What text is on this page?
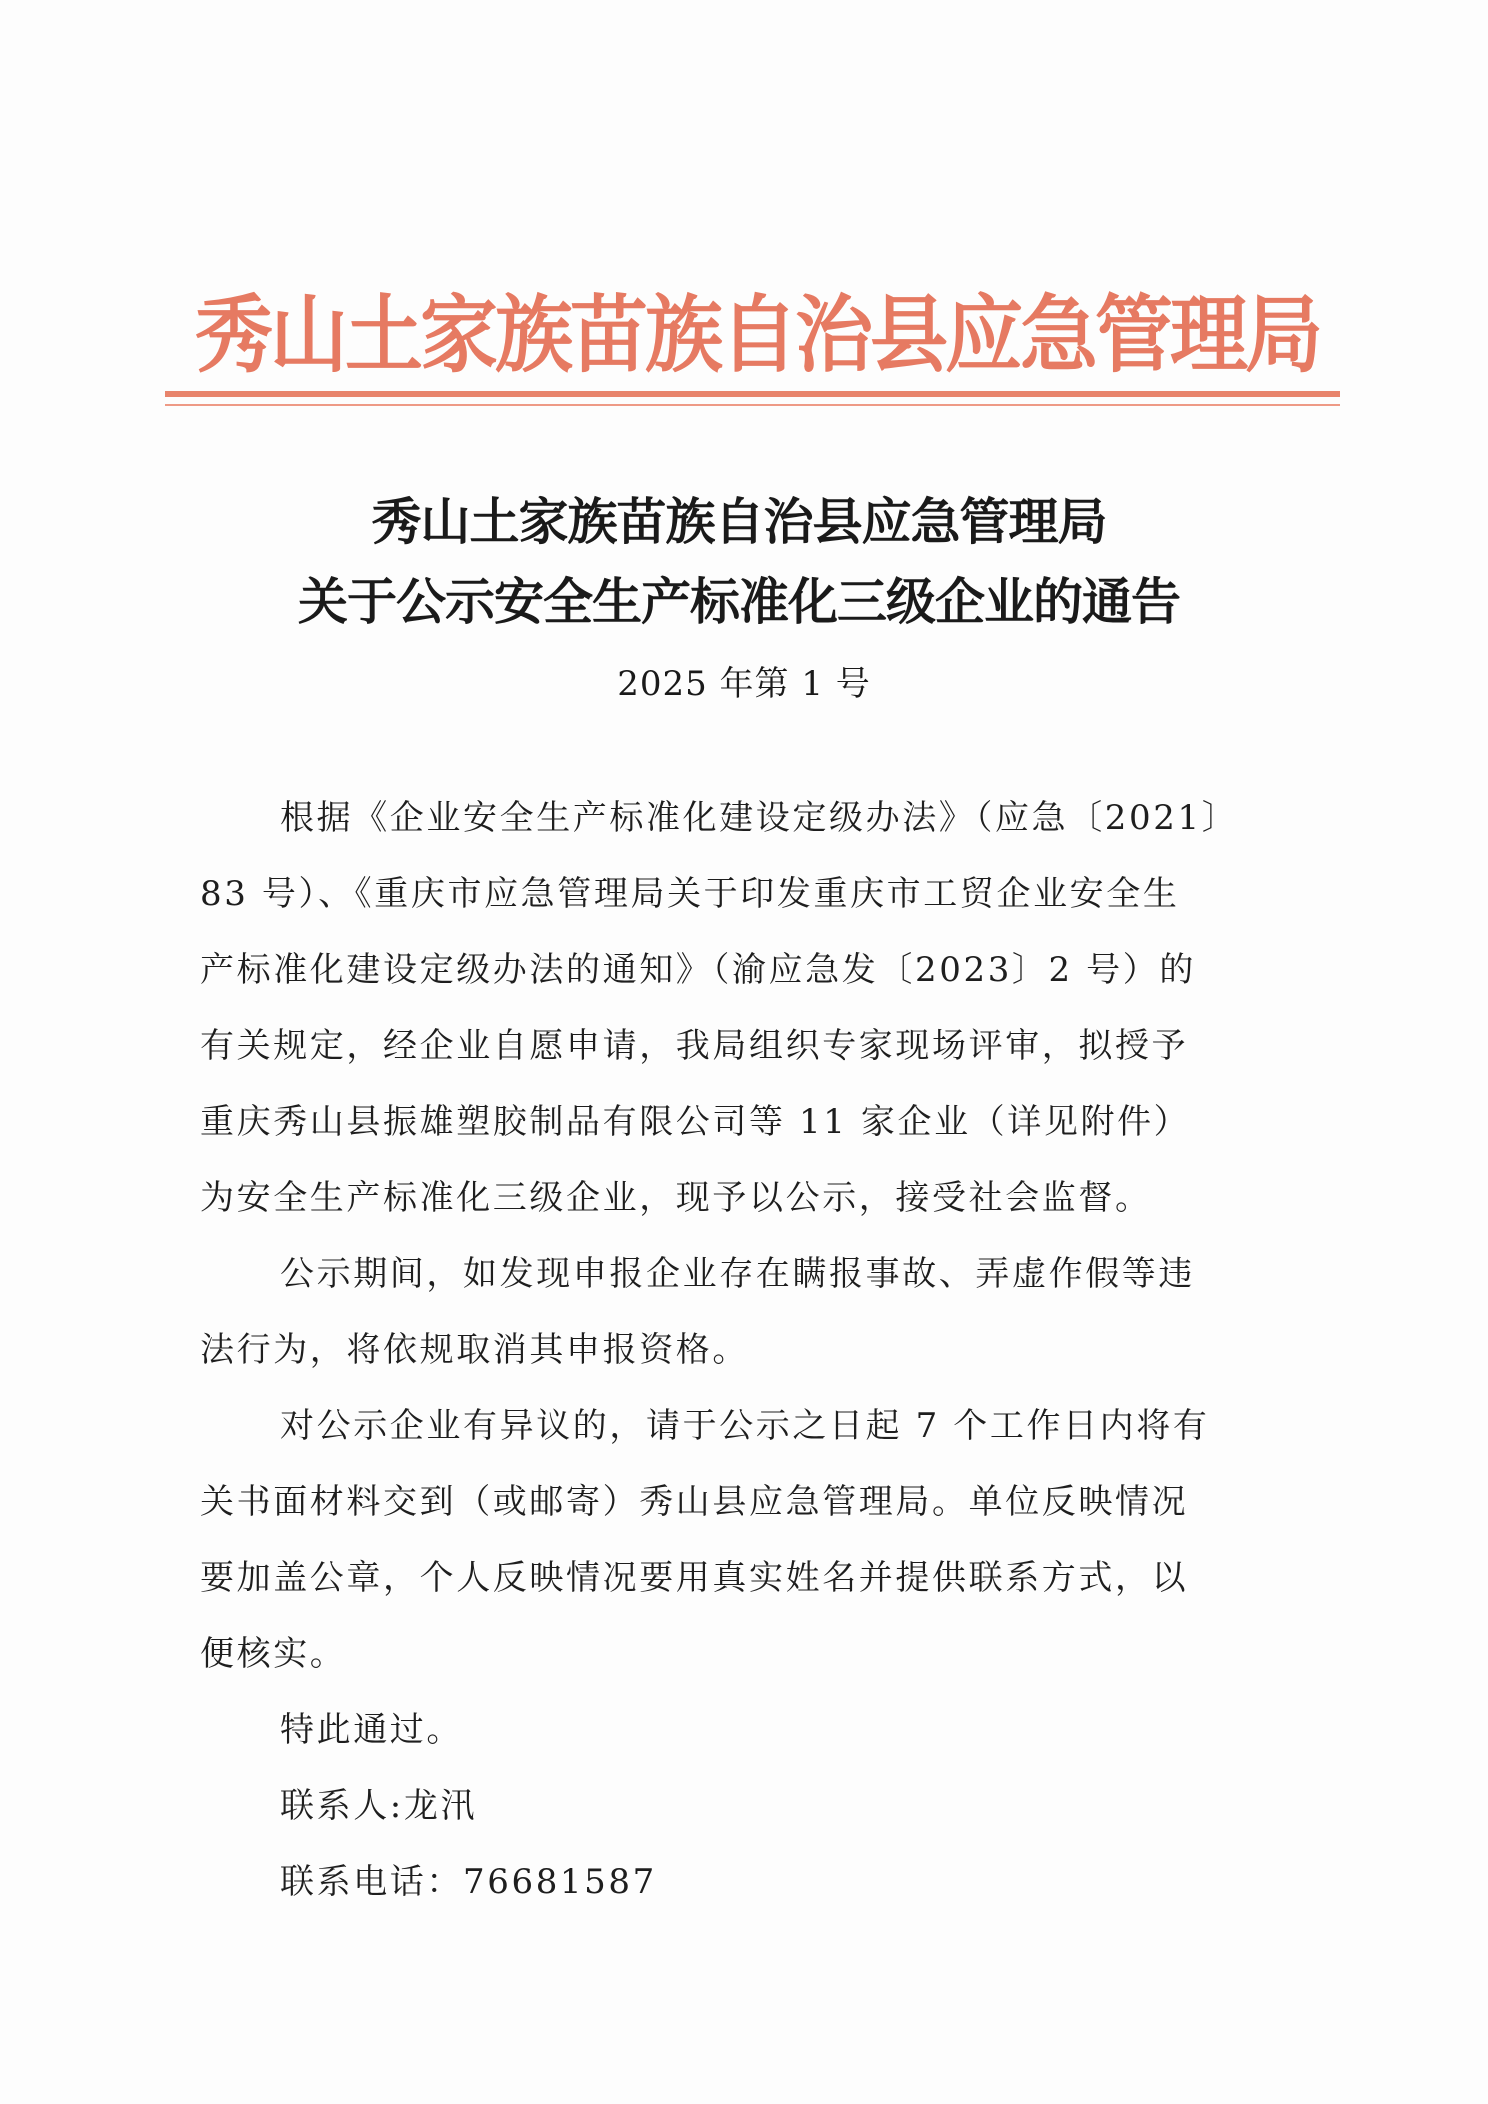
秀山土家族苗族自治县应急管理局
秀山土家族苗族自治县应急管理局
关于公示安全生产标准化三级企业的通告
2025 年第 1 号
根据《企业安全生产标准化建设定级办法》（应急〔2021〕
83 号）、《重庆市应急管理局关于印发重庆市工贸企业安全生
产标准化建设定级办法的通知》（渝应急发〔2023〕2 号）的
有关规定，经企业自愿申请，我局组织专家现场评审，拟授予
重庆秀山县振雄塑胶制品有限公司等 11 家企业（详见附件）
为安全生产标准化三级企业，现予以公示，接受社会监督。
公示期间，如发现申报企业存在瞒报事故、弄虚作假等违
法行为，将依规取消其申报资格。
对公示企业有异议的，请于公示之日起 7 个工作日内将有
关书面材料交到（或邮寄）秀山县应急管理局。单位反映情况
要加盖公章，个人反映情况要用真实姓名并提供联系方式，以
便核实。
特此通过。
联系人:龙汛
联系电话：76681587
